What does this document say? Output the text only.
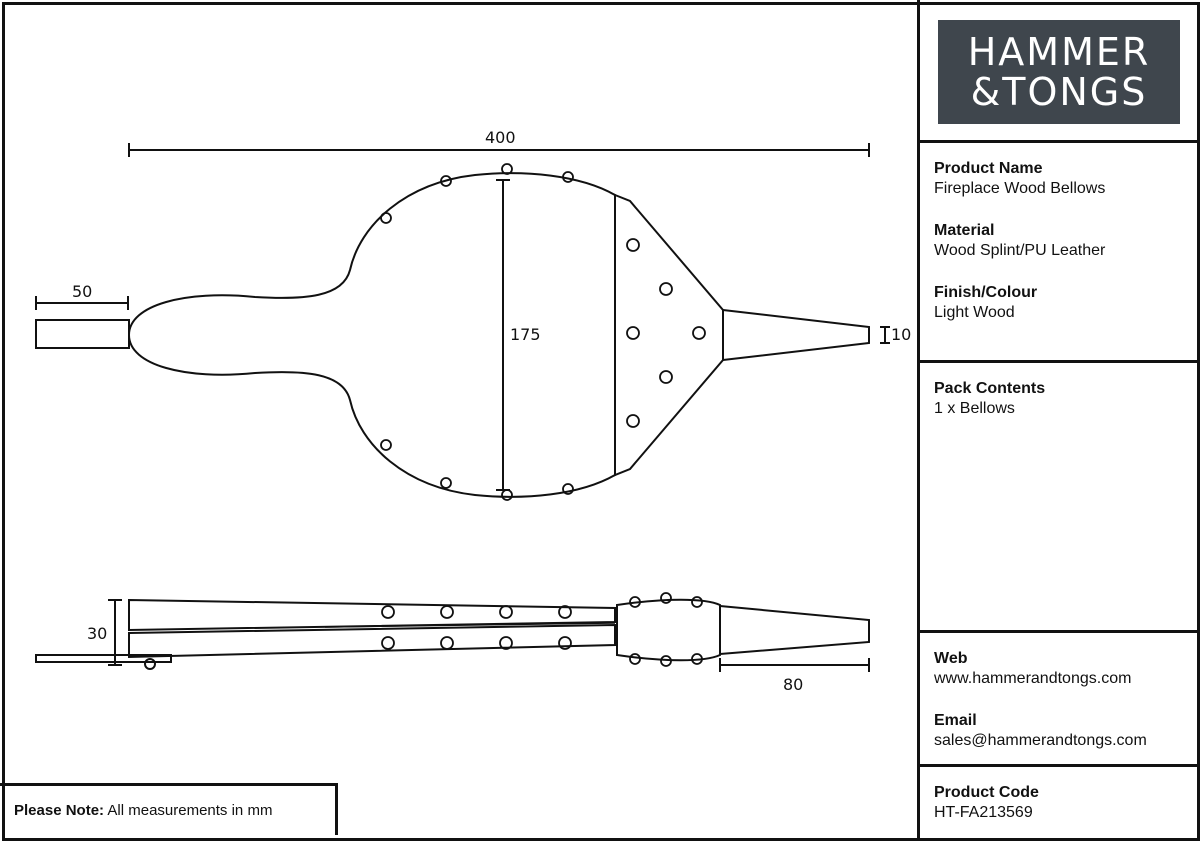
400
50
175	10
30
80
Please Note: All measurements in mm
HAMMER
&TONGS
Product Name
Fireplace Wood Bellows
Material
Wood Splint/PU Leather
Finish/Colour
Light Wood
Pack Contents
1 x Bellows
Web
www.hammerandtongs.com
Email
sales@hammerandtongs.com
Product Code
HT-FA213569
